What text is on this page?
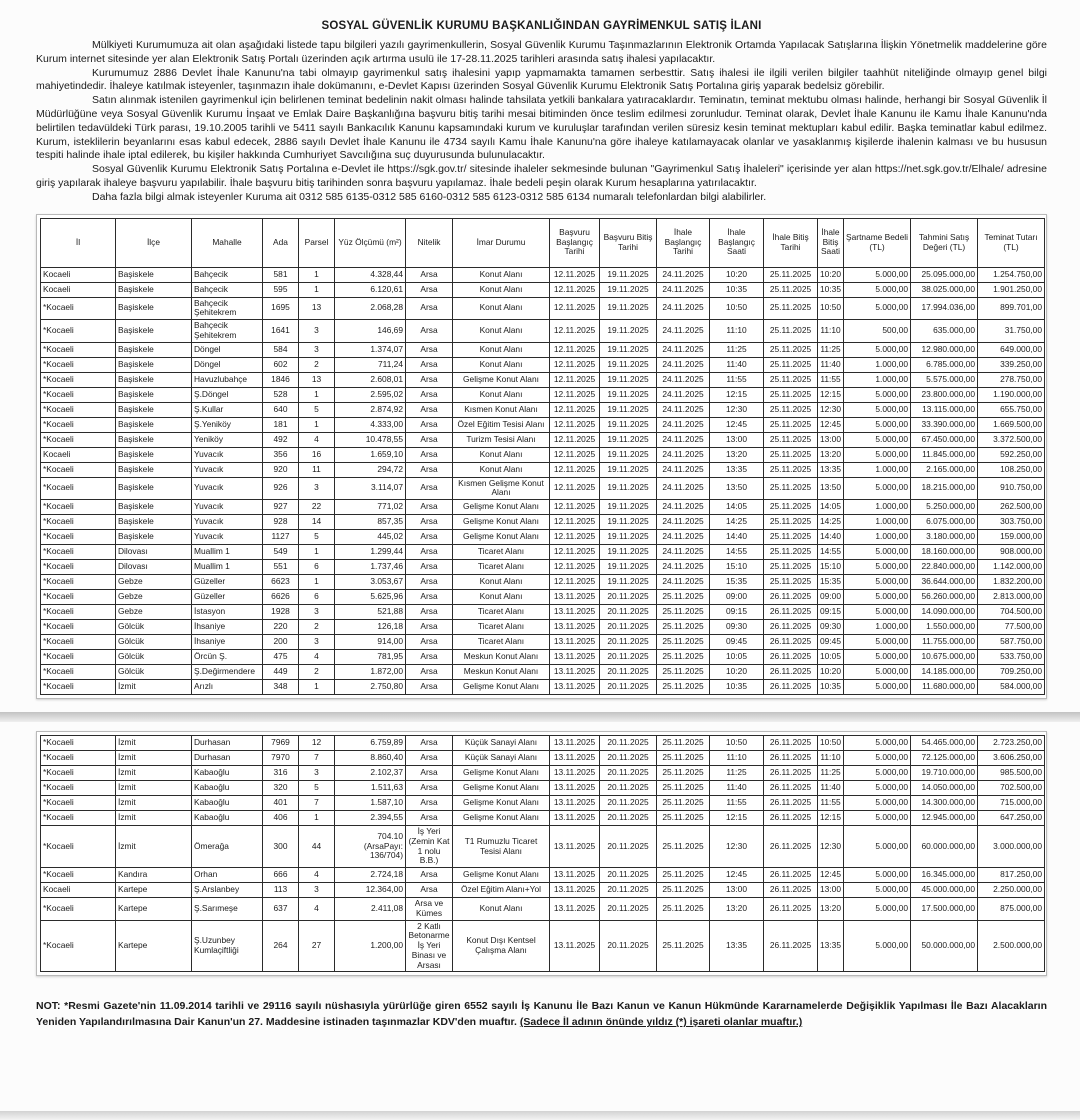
SOSYAL GÜVENLİK KURUMU BAŞKANLIĞINDAN GAYRİMENKUL SATIŞ İLANI

Mülkiyeti Kurumumuza ait olan aşağıdaki listede tapu bilgileri yazılı gayrimenkullerin, Sosyal Güvenlik Kurumu Taşınmazlarının Elektronik Ortamda Yapılacak Satışlarına İlişkin Yönetmelik maddelerine göre Kurum internet sitesinde yer alan Elektronik Satış Portalı üzerinden açık artırma usulü ile 17-28.11.2025 tarihleri arasında satış ihalesi yapılacaktır.

Kurumumuz 2886 Devlet İhale Kanunu'na tabi olmayıp gayrimenkul satış ihalesini yapıp yapmamakta tamamen serbesttir. Satış ihalesi ile ilgili verilen bilgiler taahhüt niteliğinde olmayıp genel bilgi mahiyetindedir. İhaleye katılmak isteyenler, taşınmazın ihale dokümanını, e-Devlet Kapısı üzerinden Sosyal Güvenlik Kurumu Elektronik Satış Portalına giriş yaparak bedelsiz görebilir.

Satın alınmak istenilen gayrimenkul için belirlenen teminat bedelinin nakit olması halinde tahsilata yetkili bankalara yatıracaklardır. Teminatın, teminat mektubu olması halinde, herhangi bir Sosyal Güvenlik İl Müdürlüğüne veya Sosyal Güvenlik Kurumu İnşaat ve Emlak Daire Başkanlığına başvuru bitiş tarihi mesai bitiminden önce teslim edilmesi zorunludur. Teminat olarak, Devlet İhale Kanunu ile Kamu İhale Kanunu'nda belirtilen tedavüldeki Türk parası, 19.10.2005 tarihli ve 5411 sayılı Bankacılık Kanunu kapsamındaki kurum ve kuruluşlar tarafından verilen süresiz kesin teminat mektupları kabul edilir. Başka teminatlar kabul edilmez. Kurum, isteklilerin beyanlarını esas kabul edecek, 2886 sayılı Devlet İhale Kanunu ile 4734 sayılı Kamu İhale Kanunu'na göre ihaleye katılamayacak olanlar ve yasaklanmış kişilerde ihalenin kalması ve bu hususun tespiti halinde ihale iptal edilerek, bu kişiler hakkında Cumhuriyet Savcılığına suç duyurusunda bulunulacaktır.

Sosyal Güvenlik Kurumu Elektronik Satış Portalına e-Devlet ile https://sgk.gov.tr/ sitesinde ihaleler sekmesinde bulunan "Gayrimenkul Satış İhaleleri" içerisinde yer alan https://net.sgk.gov.tr/Elhale/ adresine giriş yapılarak ihaleye başvuru yapılabilir. İhale başvuru bitiş tarihinden sonra başvuru yapılamaz. İhale bedeli peşin olarak Kurum hesaplarına yatırılacaktır.

Daha fazla bilgi almak isteyenler Kuruma ait 0312 585 6135-0312 585 6160-0312 585 6123-0312 585 6134 numaralı telefonlardan bilgi alabilirler.

İl	İlçe	Mahalle	Ada	Parsel	Yüz Ölçümü (m²)	Nitelik	İmar Durumu	Başvuru Başlangıç Tarihi	Başvuru Bitiş Tarihi	İhale Başlangıç Tarihi	İhale Başlangıç Saati	İhale Bitiş Tarihi	İhale Bitiş Saati	Şartname Bedeli (TL)	Tahmini Satış Değeri (TL)	Teminat Tutarı (TL)
Kocaeli	Başiskele	Bahçecik	581	1	4.328,44	Arsa	Konut Alanı	12.11.2025	19.11.2025	24.11.2025	10:20	25.11.2025	10:20	5.000,00	25.095.000,00	1.254.750,00
Kocaeli	Başiskele	Bahçecik	595	1	6.120,61	Arsa	Konut Alanı	12.11.2025	19.11.2025	24.11.2025	10:35	25.11.2025	10:35	5.000,00	38.025.000,00	1.901.250,00
*Kocaeli	Başiskele	Bahçecik Şehitekrem	1695	13	2.068,28	Arsa	Konut Alanı	12.11.2025	19.11.2025	24.11.2025	10:50	25.11.2025	10:50	5.000,00	17.994.036,00	899.701,00
*Kocaeli	Başiskele	Bahçecik Şehitekrem	1641	3	146,69	Arsa	Konut Alanı	12.11.2025	19.11.2025	24.11.2025	11:10	25.11.2025	11:10	500,00	635.000,00	31.750,00
*Kocaeli	Başiskele	Döngel	584	3	1.374,07	Arsa	Konut Alanı	12.11.2025	19.11.2025	24.11.2025	11:25	25.11.2025	11:25	5.000,00	12.980.000,00	649.000,00
*Kocaeli	Başiskele	Döngel	602	2	711,24	Arsa	Konut Alanı	12.11.2025	19.11.2025	24.11.2025	11:40	25.11.2025	11:40	1.000,00	6.785.000,00	339.250,00
*Kocaeli	Başiskele	Havuzlubahçe	1846	13	2.608,01	Arsa	Gelişme Konut Alanı	12.11.2025	19.11.2025	24.11.2025	11:55	25.11.2025	11:55	1.000,00	5.575.000,00	278.750,00
*Kocaeli	Başiskele	Ş.Döngel	528	1	2.595,02	Arsa	Konut Alanı	12.11.2025	19.11.2025	24.11.2025	12:15	25.11.2025	12:15	5.000,00	23.800.000,00	1.190.000,00
*Kocaeli	Başiskele	Ş.Kullar	640	5	2.874,92	Arsa	Kısmen Konut Alanı	12.11.2025	19.11.2025	24.11.2025	12:30	25.11.2025	12:30	5.000,00	13.115.000,00	655.750,00
*Kocaeli	Başiskele	Ş.Yeniköy	181	1	4.333,00	Arsa	Özel Eğitim Tesisi Alanı	12.11.2025	19.11.2025	24.11.2025	12:45	25.11.2025	12:45	5.000,00	33.390.000,00	1.669.500,00
*Kocaeli	Başiskele	Yeniköy	492	4	10.478,55	Arsa	Turizm Tesisi Alanı	12.11.2025	19.11.2025	24.11.2025	13:00	25.11.2025	13:00	5.000,00	67.450.000,00	3.372.500,00
Kocaeli	Başiskele	Yuvacık	356	16	1.659,10	Arsa	Konut Alanı	12.11.2025	19.11.2025	24.11.2025	13:20	25.11.2025	13:20	5.000,00	11.845.000,00	592.250,00
*Kocaeli	Başiskele	Yuvacık	920	11	294,72	Arsa	Konut Alanı	12.11.2025	19.11.2025	24.11.2025	13:35	25.11.2025	13:35	1.000,00	2.165.000,00	108.250,00
*Kocaeli	Başiskele	Yuvacık	926	3	3.114,07	Arsa	Kısmen Gelişme Konut Alanı	12.11.2025	19.11.2025	24.11.2025	13:50	25.11.2025	13:50	5.000,00	18.215.000,00	910.750,00
*Kocaeli	Başiskele	Yuvacık	927	22	771,02	Arsa	Gelişme Konut Alanı	12.11.2025	19.11.2025	24.11.2025	14:05	25.11.2025	14:05	1.000,00	5.250.000,00	262.500,00
*Kocaeli	Başiskele	Yuvacık	928	14	857,35	Arsa	Gelişme Konut Alanı	12.11.2025	19.11.2025	24.11.2025	14:25	25.11.2025	14:25	1.000,00	6.075.000,00	303.750,00
*Kocaeli	Başiskele	Yuvacık	1127	5	445,02	Arsa	Gelişme Konut Alanı	12.11.2025	19.11.2025	24.11.2025	14:40	25.11.2025	14:40	1.000,00	3.180.000,00	159.000,00
*Kocaeli	Dilovası	Muallim 1	549	1	1.299,44	Arsa	Ticaret Alanı	12.11.2025	19.11.2025	24.11.2025	14:55	25.11.2025	14:55	5.000,00	18.160.000,00	908.000,00
*Kocaeli	Dilovası	Muallim 1	551	6	1.737,46	Arsa	Ticaret Alanı	12.11.2025	19.11.2025	24.11.2025	15:10	25.11.2025	15:10	5.000,00	22.840.000,00	1.142.000,00
*Kocaeli	Gebze	Güzeller	6623	1	3.053,67	Arsa	Konut Alanı	12.11.2025	19.11.2025	24.11.2025	15:35	25.11.2025	15:35	5.000,00	36.644.000,00	1.832.200,00
*Kocaeli	Gebze	Güzeller	6626	6	5.625,96	Arsa	Konut Alanı	13.11.2025	20.11.2025	25.11.2025	09:00	26.11.2025	09:00	5.000,00	56.260.000,00	2.813.000,00
*Kocaeli	Gebze	İstasyon	1928	3	521,88	Arsa	Ticaret Alanı	13.11.2025	20.11.2025	25.11.2025	09:15	26.11.2025	09:15	5.000,00	14.090.000,00	704.500,00
*Kocaeli	Gölcük	İhsaniye	220	2	126,18	Arsa	Ticaret Alanı	13.11.2025	20.11.2025	25.11.2025	09:30	26.11.2025	09:30	1.000,00	1.550.000,00	77.500,00
*Kocaeli	Gölcük	İhsaniye	200	3	914,00	Arsa	Ticaret Alanı	13.11.2025	20.11.2025	25.11.2025	09:45	26.11.2025	09:45	5.000,00	11.755.000,00	587.750,00
*Kocaeli	Gölcük	Örcün Ş.	475	4	781,95	Arsa	Meskun Konut Alanı	13.11.2025	20.11.2025	25.11.2025	10:05	26.11.2025	10:05	5.000,00	10.675.000,00	533.750,00
*Kocaeli	Gölcük	Ş.Değirmendere	449	2	1.872,00	Arsa	Meskun Konut Alanı	13.11.2025	20.11.2025	25.11.2025	10:20	26.11.2025	10:20	5.000,00	14.185.000,00	709.250,00
*Kocaeli	İzmit	Arızlı	348	1	2.750,80	Arsa	Gelişme Konut Alanı	13.11.2025	20.11.2025	25.11.2025	10:35	26.11.2025	10:35	5.000,00	11.680.000,00	584.000,00
*Kocaeli	İzmit	Durhasan	7969	12	6.759,89	Arsa	Küçük Sanayi Alanı	13.11.2025	20.11.2025	25.11.2025	10:50	26.11.2025	10:50	5.000,00	54.465.000,00	2.723.250,00
*Kocaeli	İzmit	Durhasan	7970	7	8.860,40	Arsa	Küçük Sanayi Alanı	13.11.2025	20.11.2025	25.11.2025	11:10	26.11.2025	11:10	5.000,00	72.125.000,00	3.606.250,00
*Kocaeli	İzmit	Kabaoğlu	316	3	2.102,37	Arsa	Gelişme Konut Alanı	13.11.2025	20.11.2025	25.11.2025	11:25	26.11.2025	11:25	5.000,00	19.710.000,00	985.500,00
*Kocaeli	İzmit	Kabaoğlu	320	5	1.511,63	Arsa	Gelişme Konut Alanı	13.11.2025	20.11.2025	25.11.2025	11:40	26.11.2025	11:40	5.000,00	14.050.000,00	702.500,00
*Kocaeli	İzmit	Kabaoğlu	401	7	1.587,10	Arsa	Gelişme Konut Alanı	13.11.2025	20.11.2025	25.11.2025	11:55	26.11.2025	11:55	5.000,00	14.300.000,00	715.000,00
*Kocaeli	İzmit	Kabaoğlu	406	1	2.394,55	Arsa	Gelişme Konut Alanı	13.11.2025	20.11.2025	25.11.2025	12:15	26.11.2025	12:15	5.000,00	12.945.000,00	647.250,00
*Kocaeli	İzmit	Ömerağa	300	44	704.10 (ArsaPayı: 136/704)	İş Yeri (Zemin Kat 1 nolu B.B.)	T1 Rumuzlu Ticaret Tesisi Alanı	13.11.2025	20.11.2025	25.11.2025	12:30	26.11.2025	12:30	5.000,00	60.000.000,00	3.000.000,00
*Kocaeli	Kandıra	Orhan	666	4	2.724,18	Arsa	Gelişme Konut Alanı	13.11.2025	20.11.2025	25.11.2025	12:45	26.11.2025	12:45	5.000,00	16.345.000,00	817.250,00
Kocaeli	Kartepe	Ş.Arslanbey	113	3	12.364,00	Arsa	Özel Eğitim Alanı+Yol	13.11.2025	20.11.2025	25.11.2025	13:00	26.11.2025	13:00	5.000,00	45.000.000,00	2.250.000,00
*Kocaeli	Kartepe	Ş.Sarımeşe	637	4	2.411,08	Arsa ve Kümes	Konut Alanı	13.11.2025	20.11.2025	25.11.2025	13:20	26.11.2025	13:20	5.000,00	17.500.000,00	875.000,00
*Kocaeli	Kartepe	Ş.Uzunbey Kumlaçiftliği	264	27	1.200,00	2 Katlı Betonarme İş Yeri Binası ve Arsası	Konut Dışı Kentsel Çalışma Alanı	13.11.2025	20.11.2025	25.11.2025	13:35	26.11.2025	13:35	5.000,00	50.000.000,00	2.500.000,00
NOT: *Resmi Gazete'nin 11.09.2014 tarihli ve 29116 sayılı nüshasıyla yürürlüğe giren 6552 sayılı İş Kanunu İle Bazı Kanun ve Kanun Hükmünde Kararnamelerde Değişiklik Yapılması İle Bazı Alacakların Yeniden Yapılandırılmasına Dair Kanun'un 27. Maddesine istinaden taşınmazlar KDV'den muaftır. (Sadece İl adının önünde yıldız (*) işareti olanlar muaftır.)
